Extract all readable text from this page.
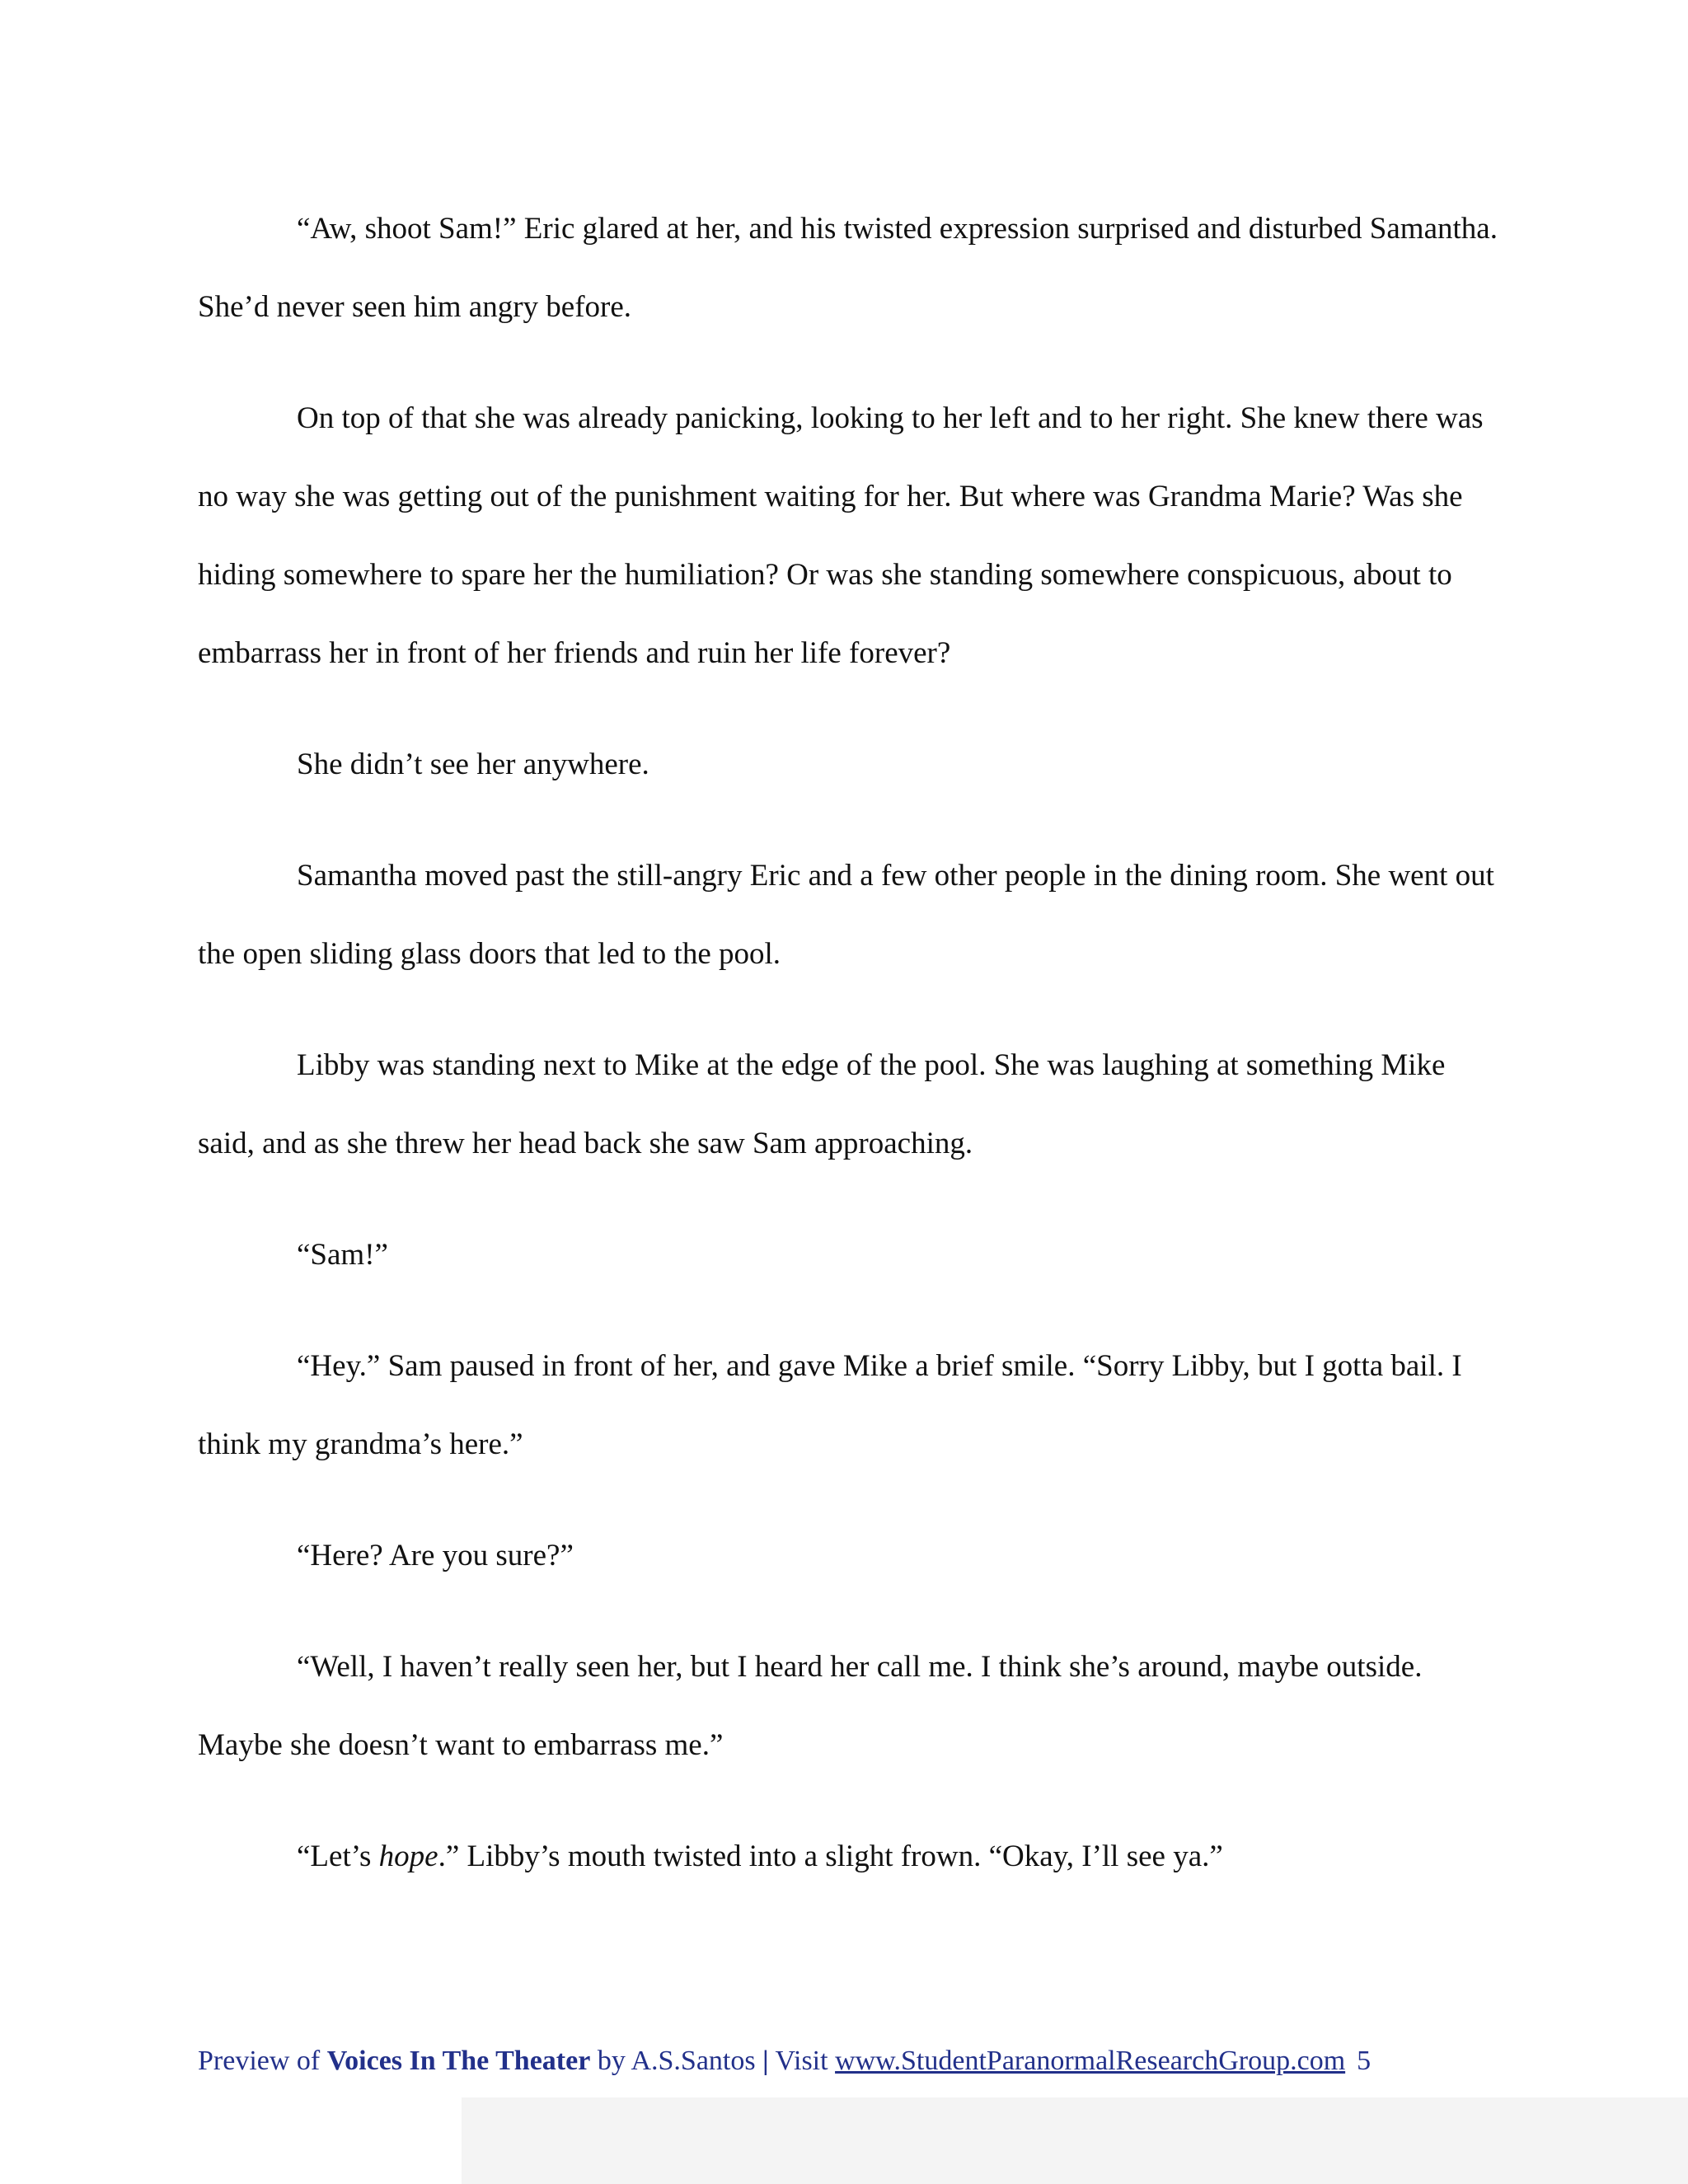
“Aw, shoot Sam!” Eric glared at her, and his twisted expression surprised and disturbed Samantha. She’d never seen him angry before.

On top of that she was already panicking, looking to her left and to her right. She knew there was no way she was getting out of the punishment waiting for her. But where was Grandma Marie? Was she hiding somewhere to spare her the humiliation? Or was she standing somewhere conspicuous, about to embarrass her in front of her friends and ruin her life forever?

She didn’t see her anywhere.

Samantha moved past the still-angry Eric and a few other people in the dining room. She went out the open sliding glass doors that led to the pool.

Libby was standing next to Mike at the edge of the pool. She was laughing at something Mike said, and as she threw her head back she saw Sam approaching.

“Sam!”

“Hey.” Sam paused in front of her, and gave Mike a brief smile. “Sorry Libby, but I gotta bail. I think my grandma’s here.”

“Here? Are you sure?”

“Well, I haven’t really seen her, but I heard her call me. I think she’s around, maybe outside. Maybe she doesn’t want to embarrass me.”

“Let’s hope.” Libby’s mouth twisted into a slight frown. “Okay, I’ll see ya.”

Preview of Voices In The Theater by A.S.Santos | Visit www.StudentParanormalResearchGroup.com 5
